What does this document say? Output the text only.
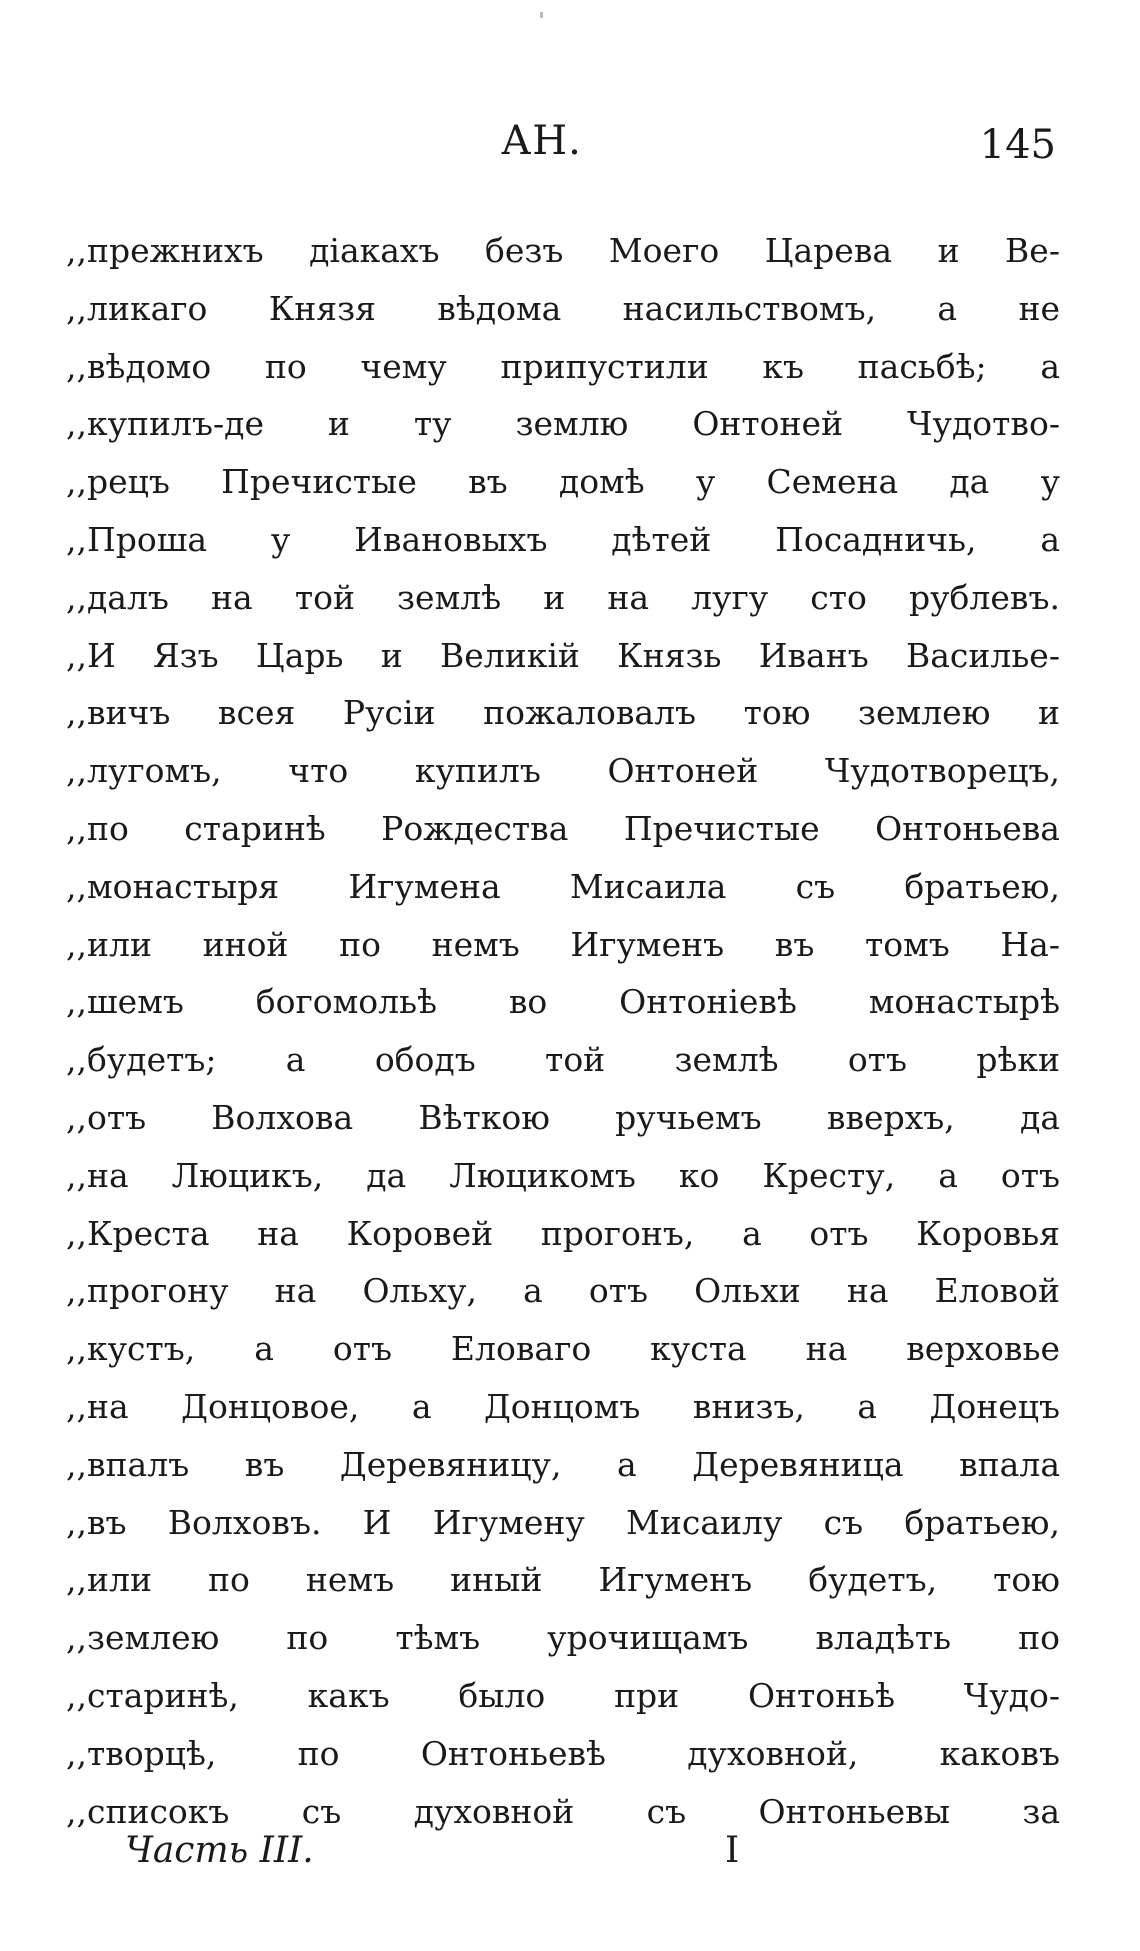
АН.	145
,,прежнихъ діакахъ безъ Моего Царева и Ве-
,,ликаго Князя вѣдома насильствомъ, а не
,,вѣдомо по чему припустили къ пасьбѣ; а
,,купилъ-де и ту землю Онтоней Чудотво-
,,рецъ Пречистые въ домѣ у Семена да у
,,Проша у Ивановыхъ дѣтей Посадничь, а
,,далъ на той землѣ и на лугу сто рублевъ.
,,И Язъ Царь и Великій Князь Иванъ Василье-
,,вичъ всея Русіи пожаловалъ тою землею и
,,лугомъ, что купилъ Онтоней Чудотворецъ,
,,по старинѣ Рождества Пречистые Онтоньева
,,монастыря Игумена Мисаила съ братьею,
,,или иной по немъ Игуменъ въ томъ На-
,,шемъ богомольѣ во Онтоніевѣ монастырѣ
,,будетъ; а ободъ той землѣ отъ рѣки
,,отъ Волхова Вѣткою ручьемъ вверхъ, да
,,на Люцикъ, да Люцикомъ ко Кресту, а отъ
,,Креста на Коровей прогонъ, а отъ Коровья
,,прогону на Ольху, а отъ Ольхи на Еловой
,,кустъ, а отъ Еловаго куста на верховье
,,на Донцовое, а Донцомъ внизъ, а Донецъ
,,впалъ въ Деревяницу, а Деревяница впала
,,въ Волховъ. И Игумену Мисаилу съ братьею,
,,или по немъ иный Игуменъ будетъ, тою
,,землею по тѣмъ урочищамъ владѣть по
,,старинѣ, какъ было при Онтоньѣ Чудо-
,,творцѣ, по Онтоньевѣ духовной, каковъ
,,списокъ съ духовной съ Онтоньевы за
Часть III.	I
